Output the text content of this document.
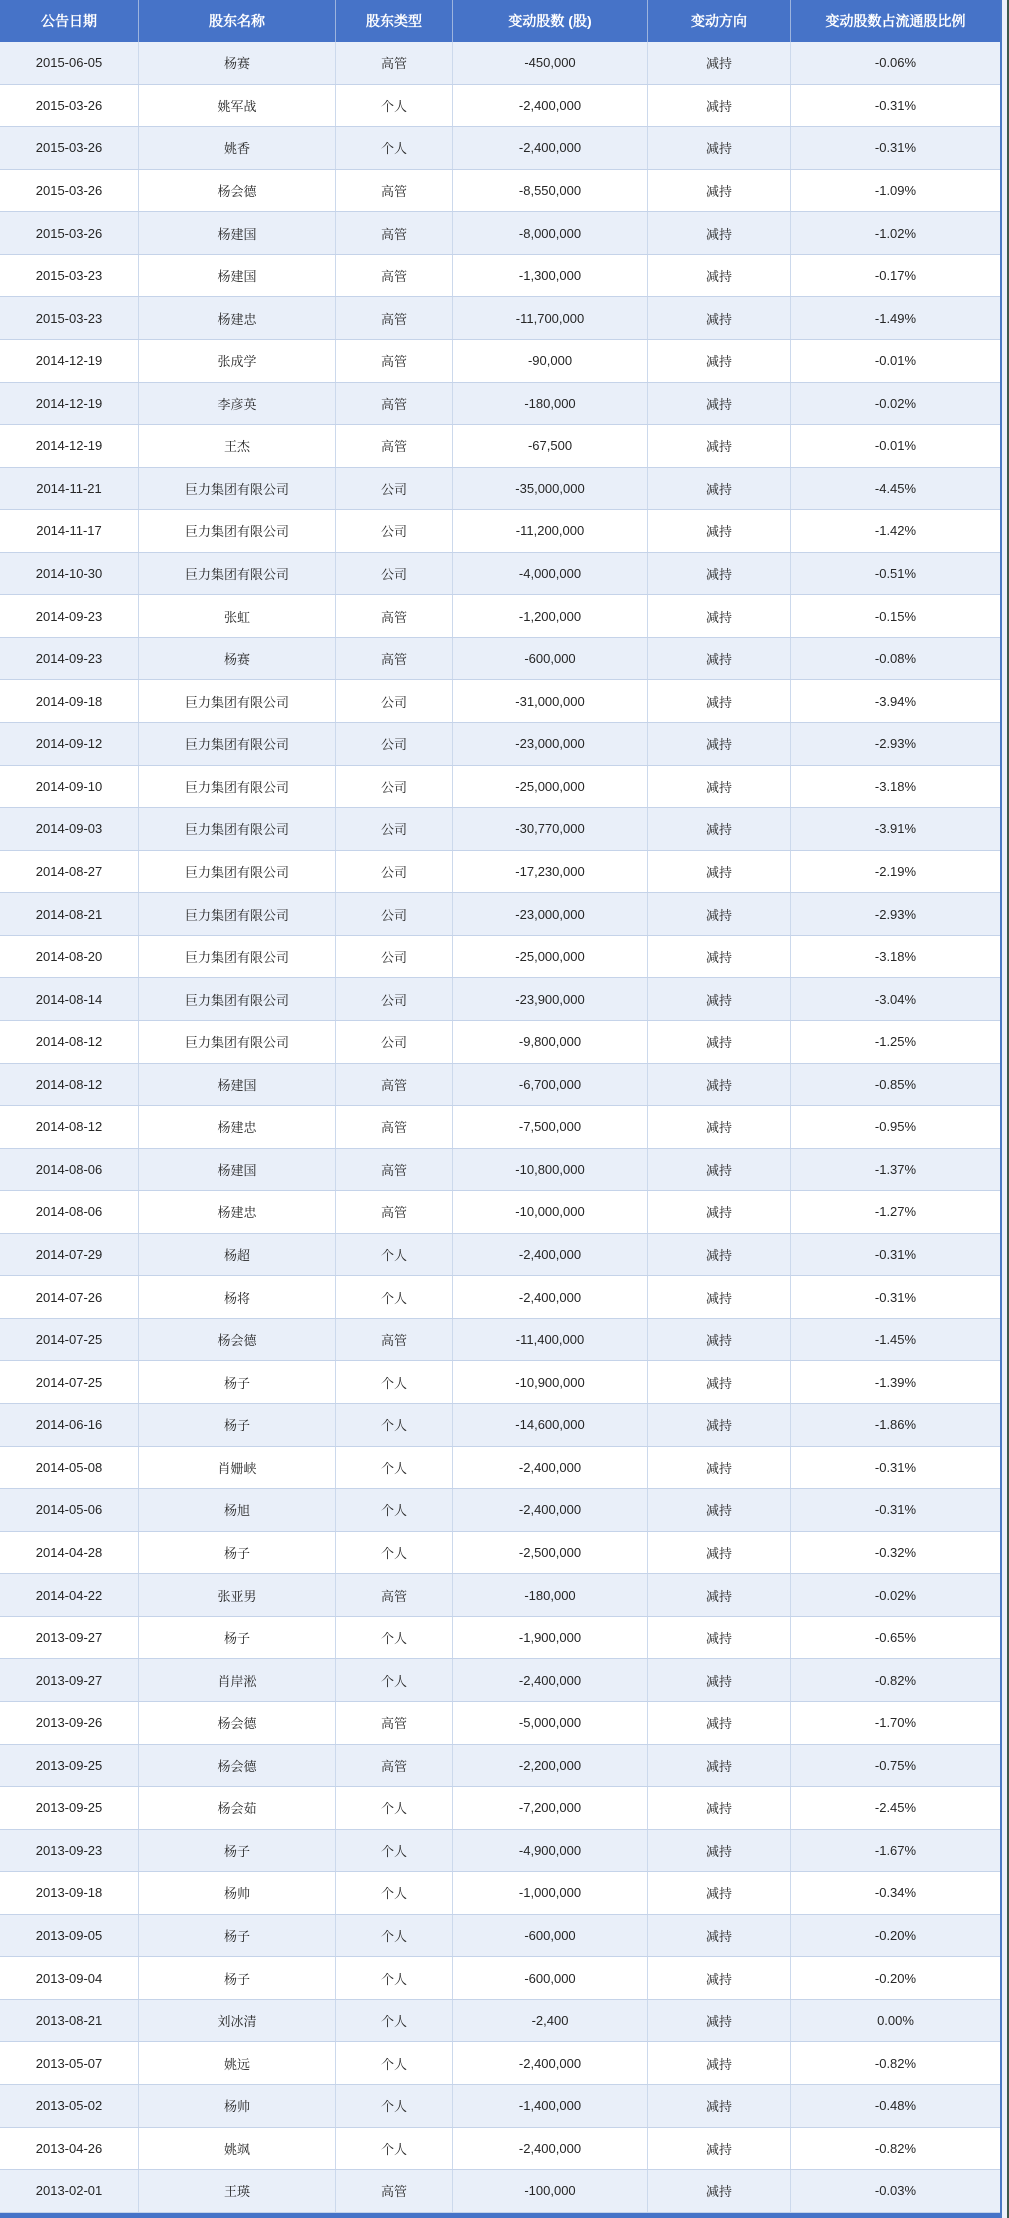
公告日期	股东名称	股东类型	变动股数 (股)	变动方向	变动股数占流通股比例
2015-06-05	杨赛	高管	-450,000	减持	-0.06%
2015-03-26	姚军战	个人	-2,400,000	减持	-0.31%
2015-03-26	姚香	个人	-2,400,000	减持	-0.31%
2015-03-26	杨会德	高管	-8,550,000	减持	-1.09%
2015-03-26	杨建国	高管	-8,000,000	减持	-1.02%
2015-03-23	杨建国	高管	-1,300,000	减持	-0.17%
2015-03-23	杨建忠	高管	-11,700,000	减持	-1.49%
2014-12-19	张成学	高管	-90,000	减持	-0.01%
2014-12-19	李彦英	高管	-180,000	减持	-0.02%
2014-12-19	王杰	高管	-67,500	减持	-0.01%
2014-11-21	巨力集团有限公司	公司	-35,000,000	减持	-4.45%
2014-11-17	巨力集团有限公司	公司	-11,200,000	减持	-1.42%
2014-10-30	巨力集团有限公司	公司	-4,000,000	减持	-0.51%
2014-09-23	张虹	高管	-1,200,000	减持	-0.15%
2014-09-23	杨赛	高管	-600,000	减持	-0.08%
2014-09-18	巨力集团有限公司	公司	-31,000,000	减持	-3.94%
2014-09-12	巨力集团有限公司	公司	-23,000,000	减持	-2.93%
2014-09-10	巨力集团有限公司	公司	-25,000,000	减持	-3.18%
2014-09-03	巨力集团有限公司	公司	-30,770,000	减持	-3.91%
2014-08-27	巨力集团有限公司	公司	-17,230,000	减持	-2.19%
2014-08-21	巨力集团有限公司	公司	-23,000,000	减持	-2.93%
2014-08-20	巨力集团有限公司	公司	-25,000,000	减持	-3.18%
2014-08-14	巨力集团有限公司	公司	-23,900,000	减持	-3.04%
2014-08-12	巨力集团有限公司	公司	-9,800,000	减持	-1.25%
2014-08-12	杨建国	高管	-6,700,000	减持	-0.85%
2014-08-12	杨建忠	高管	-7,500,000	减持	-0.95%
2014-08-06	杨建国	高管	-10,800,000	减持	-1.37%
2014-08-06	杨建忠	高管	-10,000,000	减持	-1.27%
2014-07-29	杨超	个人	-2,400,000	减持	-0.31%
2014-07-26	杨将	个人	-2,400,000	减持	-0.31%
2014-07-25	杨会德	高管	-11,400,000	减持	-1.45%
2014-07-25	杨子	个人	-10,900,000	减持	-1.39%
2014-06-16	杨子	个人	-14,600,000	减持	-1.86%
2014-05-08	肖姗峡	个人	-2,400,000	减持	-0.31%
2014-05-06	杨旭	个人	-2,400,000	减持	-0.31%
2014-04-28	杨子	个人	-2,500,000	减持	-0.32%
2014-04-22	张亚男	高管	-180,000	减持	-0.02%
2013-09-27	杨子	个人	-1,900,000	减持	-0.65%
2013-09-27	肖岸淞	个人	-2,400,000	减持	-0.82%
2013-09-26	杨会德	高管	-5,000,000	减持	-1.70%
2013-09-25	杨会德	高管	-2,200,000	减持	-0.75%
2013-09-25	杨会茹	个人	-7,200,000	减持	-2.45%
2013-09-23	杨子	个人	-4,900,000	减持	-1.67%
2013-09-18	杨帅	个人	-1,000,000	减持	-0.34%
2013-09-05	杨子	个人	-600,000	减持	-0.20%
2013-09-04	杨子	个人	-600,000	减持	-0.20%
2013-08-21	刘冰清	个人	-2,400	减持	0.00%
2013-05-07	姚远	个人	-2,400,000	减持	-0.82%
2013-05-02	杨帅	个人	-1,400,000	减持	-0.48%
2013-04-26	姚飒	个人	-2,400,000	减持	-0.82%
2013-02-01	王瑛	高管	-100,000	减持	-0.03%
